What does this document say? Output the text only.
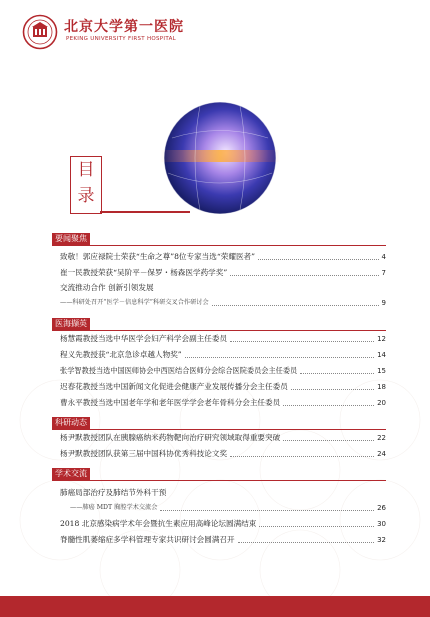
北京大学第一医院
PEKING UNIVERSITY FIRST HOSPITAL
目
录
要闻聚焦
致敬！郭应禄院士荣获“生命之尊”8位专家当选“荣耀医者”	4
崔一民教授荣获“吴阶平－保罗・杨森医学药学奖”	7
交流推动合作 创新引领发展
——科研处召开“医学－信息科学”科研交叉合作研讨会	9
医海撷英
杨慧霞教授当选中华医学会妇产科学会副主任委员	12
程义先教授获“北京急诊卓越人物奖”	14
张学智教授当选中国医师协会中西医结合医师分会综合医院委员会主任委员	15
迟春花教授当选中国新闻文化促进会健康产业发展传播分会主任委员	18
曹永平教授当选中国老年学和老年医学学会老年骨科分会主任委员	20
科研动态
杨尹默教授团队在胰腺癌纳米药物靶向治疗研究领域取得重要突破	22
杨尹默教授团队获第三届中国科协优秀科技论文奖	24
学术交流
肺癌局部治疗及肺结节外科干预
——肺癌 MDT 胸腔学术交流会	26
2018 北京感染病学术年会暨抗生素应用高峰论坛圆满结束	30
脊髓性肌萎缩症多学科管理专家共识研讨会圆满召开	32
